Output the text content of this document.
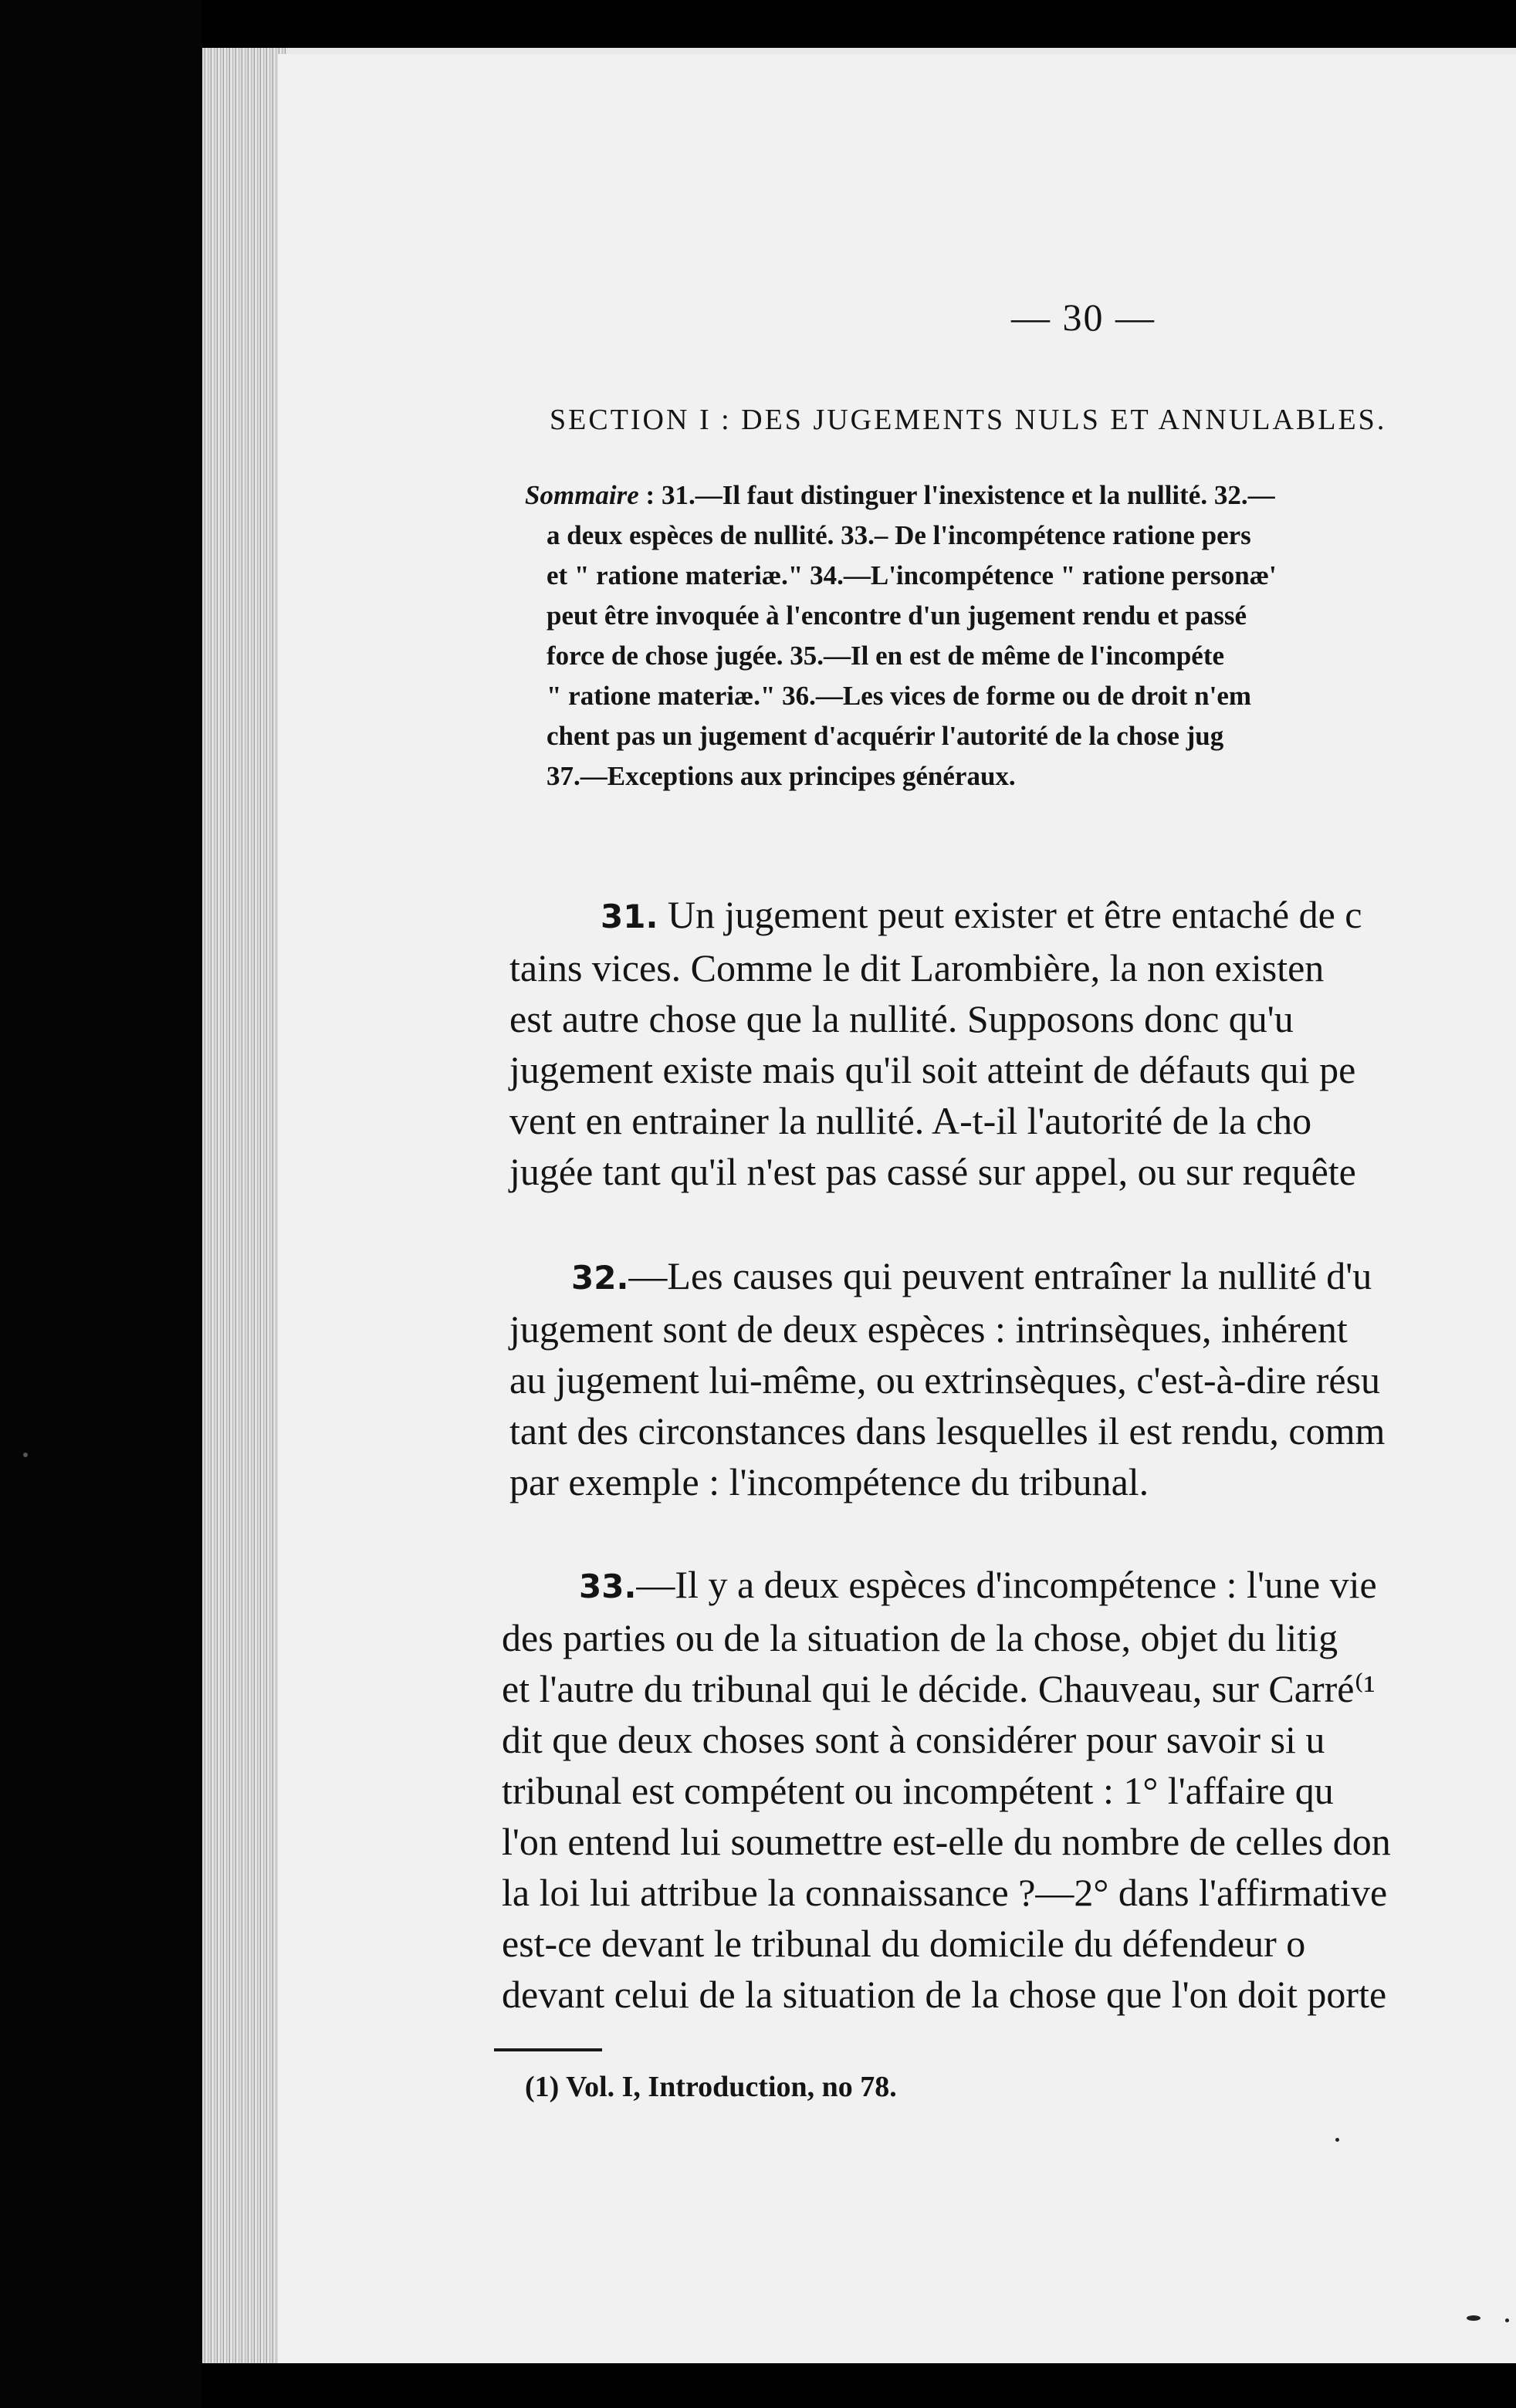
— 30 —
SECTION I : DES JUGEMENTS NULS ET ANNULABLES.
Sommaire : 31.—Il faut distinguer l'inexistence et la nullité. 32.—
a deux espèces de nullité. 33.– De l'incompétence ratione pers
et " ratione materiæ." 34.—L'incompétence " ratione personæ'
peut être invoquée à l'encontre d'un jugement rendu et passé
force de chose jugée. 35.—Il en est de même de l'incompéte
" ratione materiæ." 36.—Les vices de forme ou de droit n'em
chent pas un jugement d'acquérir l'autorité de la chose jug
37.—Exceptions aux principes généraux.
31. Un jugement peut exister et être entaché de c
tains vices. Comme le dit Larombière, la non existen
est autre chose que la nullité. Supposons donc qu'u
jugement existe mais qu'il soit atteint de défauts qui pe
vent en entrainer la nullité. A-t-il l'autorité de la cho
jugée tant qu'il n'est pas cassé sur appel, ou sur requête
32.—Les causes qui peuvent entraîner la nullité d'u
jugement sont de deux espèces : intrinsèques, inhérent
au jugement lui-même, ou extrinsèques, c'est-à-dire résu
tant des circonstances dans lesquelles il est rendu, comm
par exemple : l'incompétence du tribunal.
33.—Il y a deux espèces d'incompétence : l'une vie
des parties ou de la situation de la chose, objet du litig
et l'autre du tribunal qui le décide. Chauveau, sur Carré⁽¹
dit que deux choses sont à considérer pour savoir si u
tribunal est compétent ou incompétent : 1° l'affaire qu
l'on entend lui soumettre est-elle du nombre de celles don
la loi lui attribue la connaissance ?—2° dans l'affirmative
est-ce devant le tribunal du domicile du défendeur o
devant celui de la situation de la chose que l'on doit porte
(1) Vol. I, Introduction, no 78.
